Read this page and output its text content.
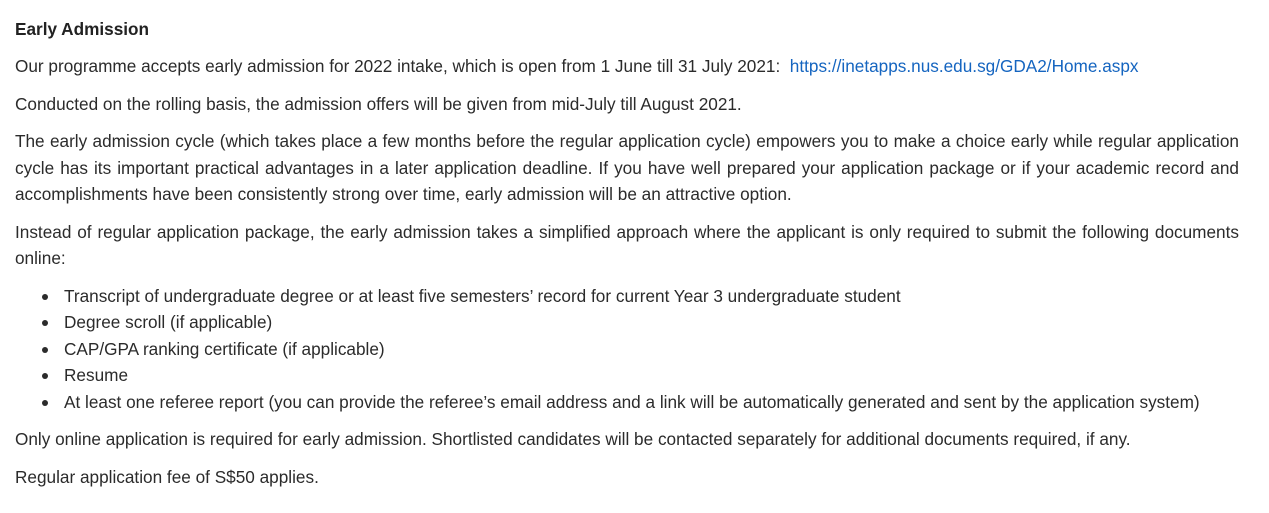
Early Admission

Our programme accepts early admission for 2022 intake, which is open from 1 June till 31 July 2021: https://inetapps.nus.edu.sg/GDA2/Home.aspx

Conducted on the rolling basis, the admission offers will be given from mid-July till August 2021.

The early admission cycle (which takes place a few months before the regular application cycle) empowers you to make a choice early while regular application cycle has its important practical advantages in a later application deadline. If you have well prepared your application package or if your academic record and accomplishments have been consistently strong over time, early admission will be an attractive option.

Instead of regular application package, the early admission takes a simplified approach where the applicant is only required to submit the following documents online:

Transcript of undergraduate degree or at least five semesters’ record for current Year 3 undergraduate student
Degree scroll (if applicable)
CAP/GPA ranking certificate (if applicable)
Resume
At least one referee report (you can provide the referee’s email address and a link will be automatically generated and sent by the application system)

Only online application is required for early admission. Shortlisted candidates will be contacted separately for additional documents required, if any.

Regular application fee of S$50 applies.
